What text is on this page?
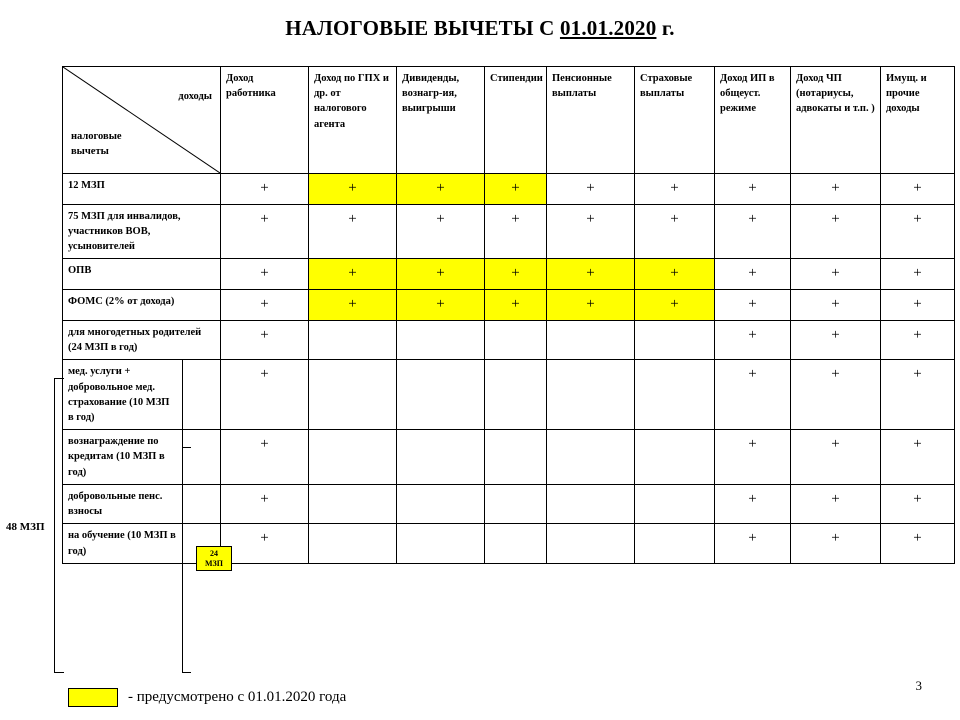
НАЛОГОВЫЕ ВЫЧЕТЫ С 01.01.2020 г.
доходы
налоговые
вычеты		Доход работника	Доход по ГПХ и др. от налогового агента	Дивиденды, вознагр-ия, выигрыши	Стипендии	Пенсионные выплаты	Страховые выплаты	Доход ИП в общеуст. режиме	Доход ЧП (нотариусы, адвокаты и т.п. )	Имущ. и прочие доходы
12 МЗП		+	+	+	+	+	+	+	+	+
75 МЗП для инвалидов, участников ВОВ, усыновителей		+	+	+	+	+	+	+	+	+
ОПВ		+	+	+	+	+	+	+	+	+
ФОМС (2% от дохода)		+	+	+	+	+	+	+	+	+
для многодетных родителей (24 МЗП в год)		+						+	+	+
мед. услуги + добровольное мед. страхование (10 МЗП в год)		+						+	+	+
вознаграждение по кредитам (10 МЗП в год)		+						+	+	+
добровольные пенс. взносы		+						+	+	+
на обучение (10 МЗП в год)		+						+	+	+
48 МЗП
24
МЗП
- предусмотрено с 01.01.2020 года
3
